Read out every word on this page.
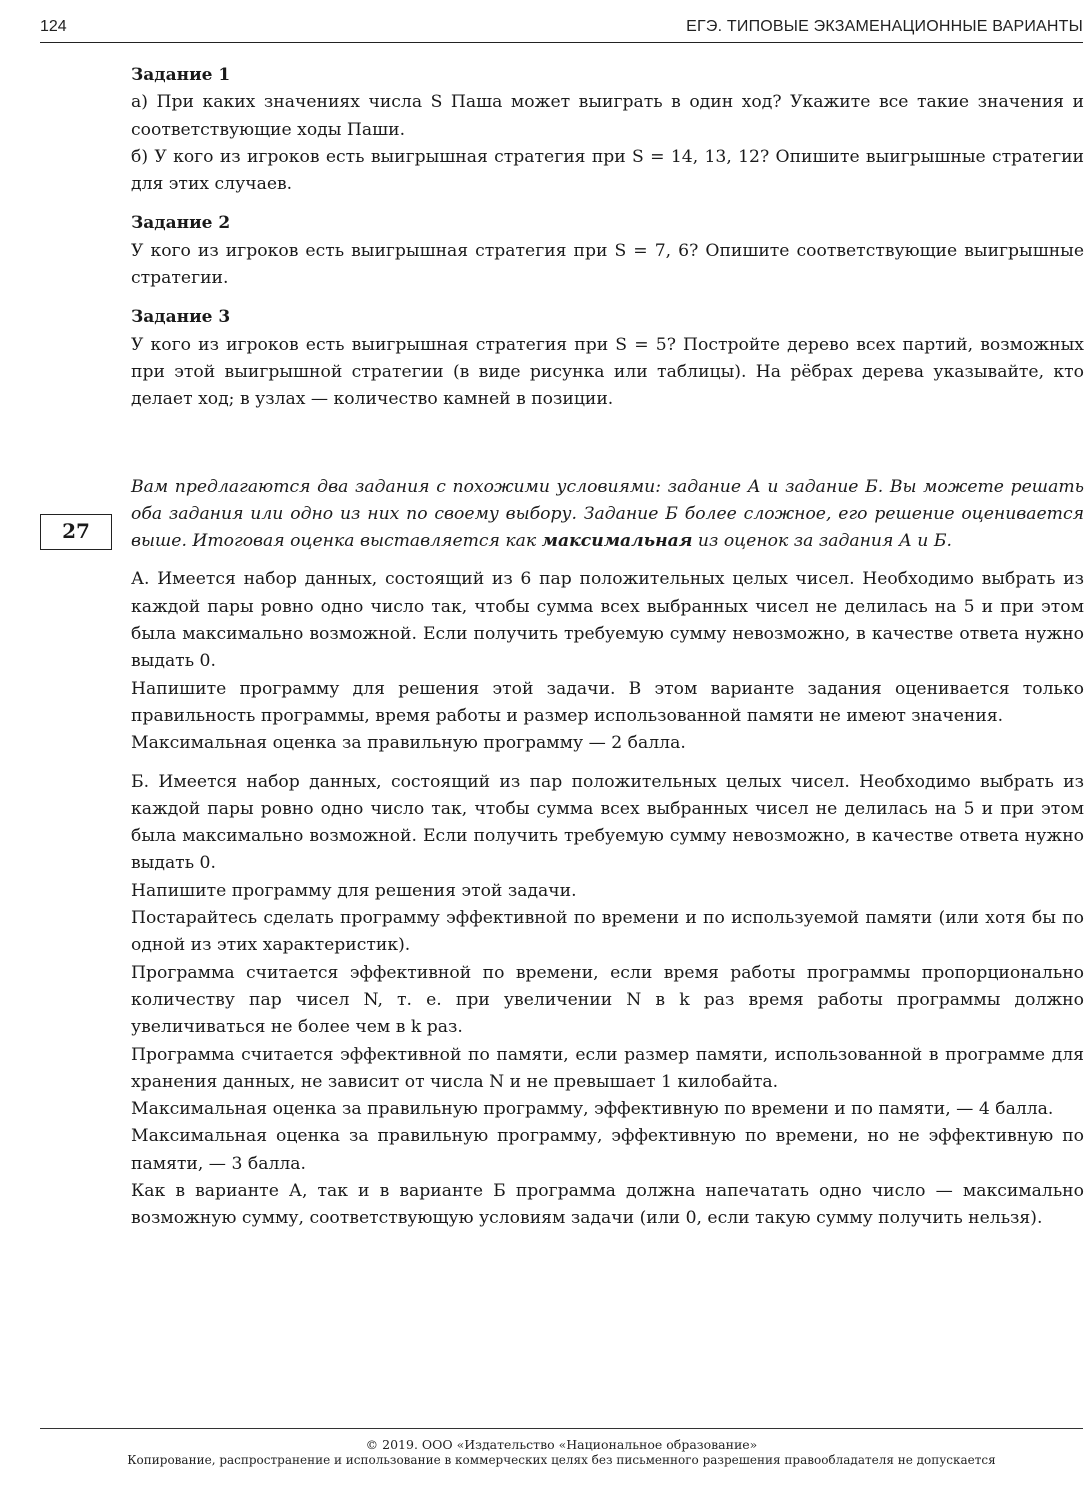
124	ЕГЭ. ТИПОВЫЕ ЭКЗАМЕНАЦИОННЫЕ ВАРИАНТЫ
27

Задание 1

а) При каких значениях числа S Паша может выиграть в один ход? Укажите все такие значения и соответствующие ходы Паши.

б) У кого из игроков есть выигрышная стратегия при S = 14, 13, 12? Опишите выигрышные стратегии для этих случаев.

Задание 2

У кого из игроков есть выигрышная стратегия при S = 7, 6? Опишите соответствующие выигрышные стратегии.

Задание 3

У кого из игроков есть выигрышная стратегия при S = 5? Постройте дерево всех партий, возможных при этой выигрышной стратегии (в виде рисунка или таблицы). На рёбрах дерева указывайте, кто делает ход; в узлах — количество камней в позиции.

Вам предлагаются два задания с похожими условиями: задание А и задание Б. Вы можете решать оба задания или одно из них по своему выбору. Задание Б более сложное, его решение оценивается выше. Итоговая оценка выставляется как максимальная из оценок за задания А и Б.

А. Имеется набор данных, состоящий из 6 пар положительных целых чисел. Необходимо выбрать из каждой пары ровно одно число так, чтобы сумма всех выбранных чисел не делилась на 5 и при этом была максимально возможной. Если получить требуемую сумму невозможно, в качестве ответа нужно выдать 0.

Напишите программу для решения этой задачи. В этом варианте задания оценивается только правильность программы, время работы и размер использованной памяти не имеют значения.

Максимальная оценка за правильную программу — 2 балла.

Б. Имеется набор данных, состоящий из пар положительных целых чисел. Необходимо выбрать из каждой пары ровно одно число так, чтобы сумма всех выбранных чисел не делилась на 5 и при этом была максимально возможной. Если получить требуемую сумму невозможно, в качестве ответа нужно выдать 0.

Напишите программу для решения этой задачи.

Постарайтесь сделать программу эффективной по времени и по используемой памяти (или хотя бы по одной из этих характеристик).

Программа считается эффективной по времени, если время работы программы пропорционально количеству пар чисел N, т. е. при увеличении N в k раз время работы программы должно увеличиваться не более чем в k раз.

Программа считается эффективной по памяти, если размер памяти, использованной в программе для хранения данных, не зависит от числа N и не превышает 1 килобайта.

Максимальная оценка за правильную программу, эффективную по времени и по памяти, — 4 балла.

Максимальная оценка за правильную программу, эффективную по времени, но не эффективную по памяти, — 3 балла.

Как в варианте А, так и в варианте Б программа должна напечатать одно число — максимально возможную сумму, соответствующую условиям задачи (или 0, если такую сумму получить нельзя).

© 2019. ООО «Издательство «Национальное образование»
Копирование, распространение и использование в коммерческих целях без письменного разрешения правообладателя не допускается
